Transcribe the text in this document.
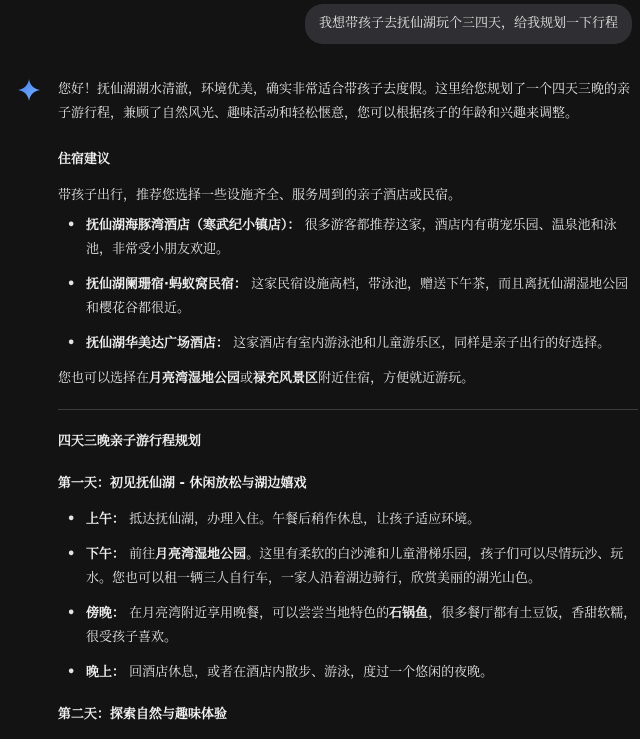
我想带孩子去抚仙湖玩个三四天，给我规划一下行程

您好！抚仙湖湖水清澈，环境优美，确实非常适合带孩子去度假。这里给您规划了一个四天三晚的亲子游行程，兼顾了自然风光、趣味活动和轻松惬意，您可以根据孩子的年龄和兴趣来调整。

住宿建议

带孩子出行，推荐您选择一些设施齐全、服务周到的亲子酒店或民宿。

• 抚仙湖海豚湾酒店（寒武纪小镇店）： 很多游客都推荐这家，酒店内有萌宠乐园、温泉池和泳池，非常受小朋友欢迎。
• 抚仙湖阑珊宿·蚂蚁窝民宿： 这家民宿设施高档，带泳池，赠送下午茶，而且离抚仙湖湿地公园和樱花谷都很近。
• 抚仙湖华美达广场酒店： 这家酒店有室内游泳池和儿童游乐区，同样是亲子出行的好选择。

您也可以选择在月亮湾湿地公园或禄充风景区附近住宿，方便就近游玩。

四天三晚亲子游行程规划

第一天：初见抚仙湖 - 休闲放松与湖边嬉戏

• 上午： 抵达抚仙湖，办理入住。午餐后稍作休息，让孩子适应环境。
• 下午： 前往月亮湾湿地公园。这里有柔软的白沙滩和儿童滑梯乐园，孩子们可以尽情玩沙、玩水。您也可以租一辆三人自行车，一家人沿着湖边骑行，欣赏美丽的湖光山色。
• 傍晚： 在月亮湾附近享用晚餐，可以尝尝当地特色的石锅鱼，很多餐厅都有土豆饭，香甜软糯，很受孩子喜欢。
• 晚上： 回酒店休息，或者在酒店内散步、游泳，度过一个悠闲的夜晚。

第二天：探索自然与趣味体验
